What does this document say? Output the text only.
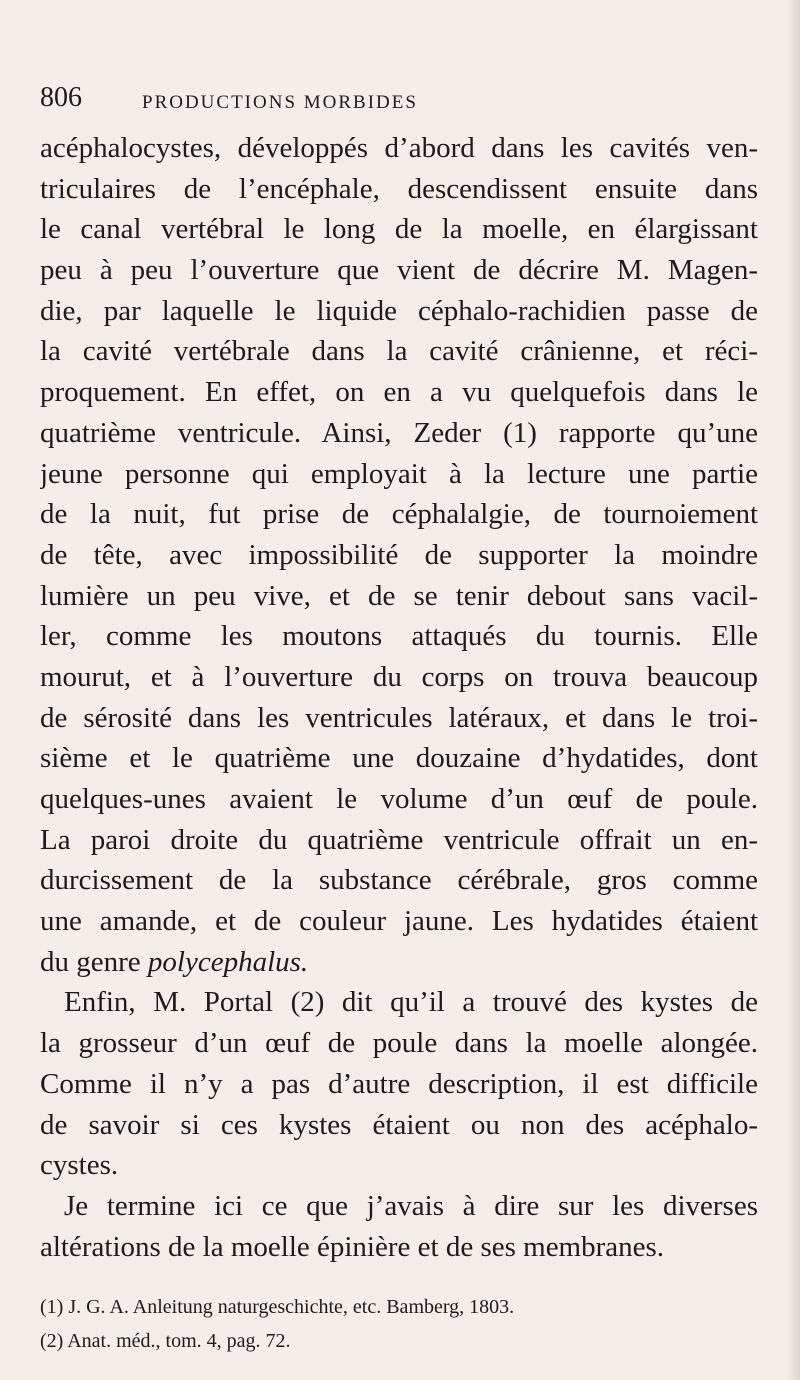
806	PRODUCTIONS MORBIDES
acéphalocystes, développés d’abord dans les cavités ven-
triculaires de l’encéphale, descendissent ensuite dans
le canal vertébral le long de la moelle, en élargissant
peu à peu l’ouverture que vient de décrire M. Magen-
die, par laquelle le liquide céphalo-rachidien passe de
la cavité vertébrale dans la cavité crânienne, et réci-
proquement. En effet, on en a vu quelquefois dans le
quatrième ventricule. Ainsi, Zeder (1) rapporte qu’une
jeune personne qui employait à la lecture une partie
de la nuit, fut prise de céphalalgie, de tournoiement
de tête, avec impossibilité de supporter la moindre
lumière un peu vive, et de se tenir debout sans vacil-
ler, comme les moutons attaqués du tournis. Elle
mourut, et à l’ouverture du corps on trouva beaucoup
de sérosité dans les ventricules latéraux, et dans le troi-
sième et le quatrième une douzaine d’hydatides, dont
quelques-unes avaient le volume d’un œuf de poule.
La paroi droite du quatrième ventricule offrait un en-
durcissement de la substance cérébrale, gros comme
une amande, et de couleur jaune. Les hydatides étaient
du genre polycephalus.
Enfin, M. Portal (2) dit qu’il a trouvé des kystes de
la grosseur d’un œuf de poule dans la moelle alongée.
Comme il n’y a pas d’autre description, il est difficile
de savoir si ces kystes étaient ou non des acéphalo-
cystes.
Je termine ici ce que j’avais à dire sur les diverses
altérations de la moelle épinière et de ses membranes.
(1) J. G. A. Anleitung naturgeschichte, etc. Bamberg, 1803.
(2) Anat. méd., tom. 4, pag. 72.
